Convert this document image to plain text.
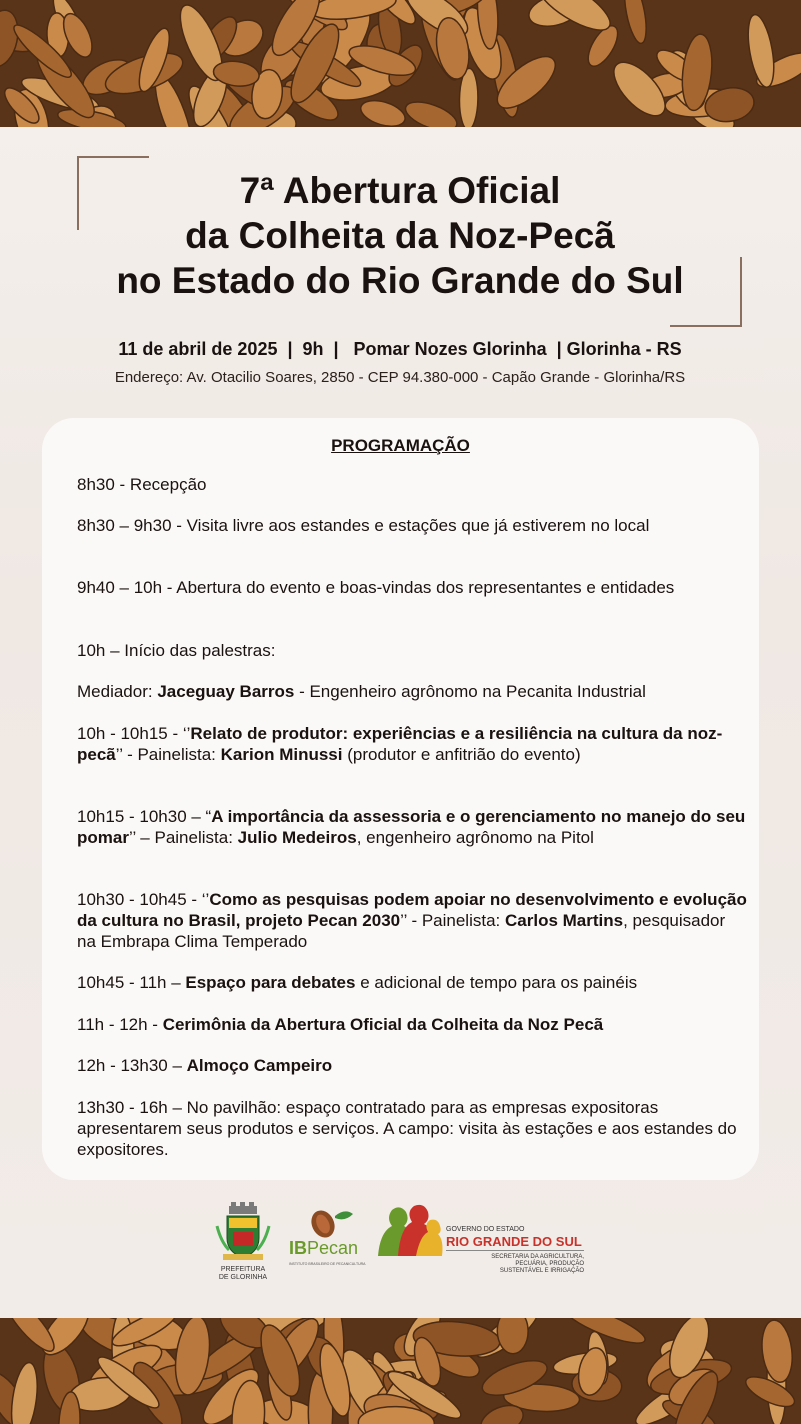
7ª Abertura Oficial
da Colheita da Noz-Pecã
no Estado do Rio Grande do Sul
11 de abril de 2025  |  9h  |   Pomar Nozes Glorinha  | Glorinha - RS
Endereço: Av. Otacilio Soares, 2850 - CEP 94.380-000 - Capão Grande - Glorinha/RS
PROGRAMAÇÃO
8h30 - Recepção
8h30 – 9h30 - Visita livre aos estandes e estações que já estiverem no local
9h40 – 10h - Abertura do evento e boas-vindas dos representantes e entidades
10h – Início das palestras:
Mediador: Jaceguay Barros - Engenheiro agrônomo na Pecanita Industrial
10h - 10h15 - ‘’Relato de produtor: experiências e a resiliência na cultura da noz-pecã’’ - Painelista: Karion Minussi (produtor e anfitrião do evento)
10h15 - 10h30 – “A importância da assessoria e o gerenciamento no manejo do seu pomar’’ – Painelista: Julio Medeiros, engenheiro agrônomo na Pitol
10h30 - 10h45 - ‘’Como as pesquisas podem apoiar no desenvolvimento e evolução da cultura no Brasil, projeto Pecan 2030’’ - Painelista: Carlos Martins, pesquisador na Embrapa Clima Temperado
10h45 - 11h – Espaço para debates e adicional de tempo para os painéis
11h - 12h - Cerimônia da Abertura Oficial da Colheita da Noz Pecã
12h - 13h30 – Almoço Campeiro
13h30 - 16h – No pavilhão: espaço contratado para as empresas expositoras apresentarem seus produtos e serviços. A campo: visita às estações e aos estandes do expositores.
PREFEITURA
DE GLORINHA
IBPecan
INSTITUTO BRASILEIRO DE PECANICULTURA
GOVERNO DO ESTADO
RIO GRANDE DO SUL
SECRETARIA DA AGRICULTURA,
PECUÁRIA, PRODUÇÃO
SUSTENTÁVEL E IRRIGAÇÃO
